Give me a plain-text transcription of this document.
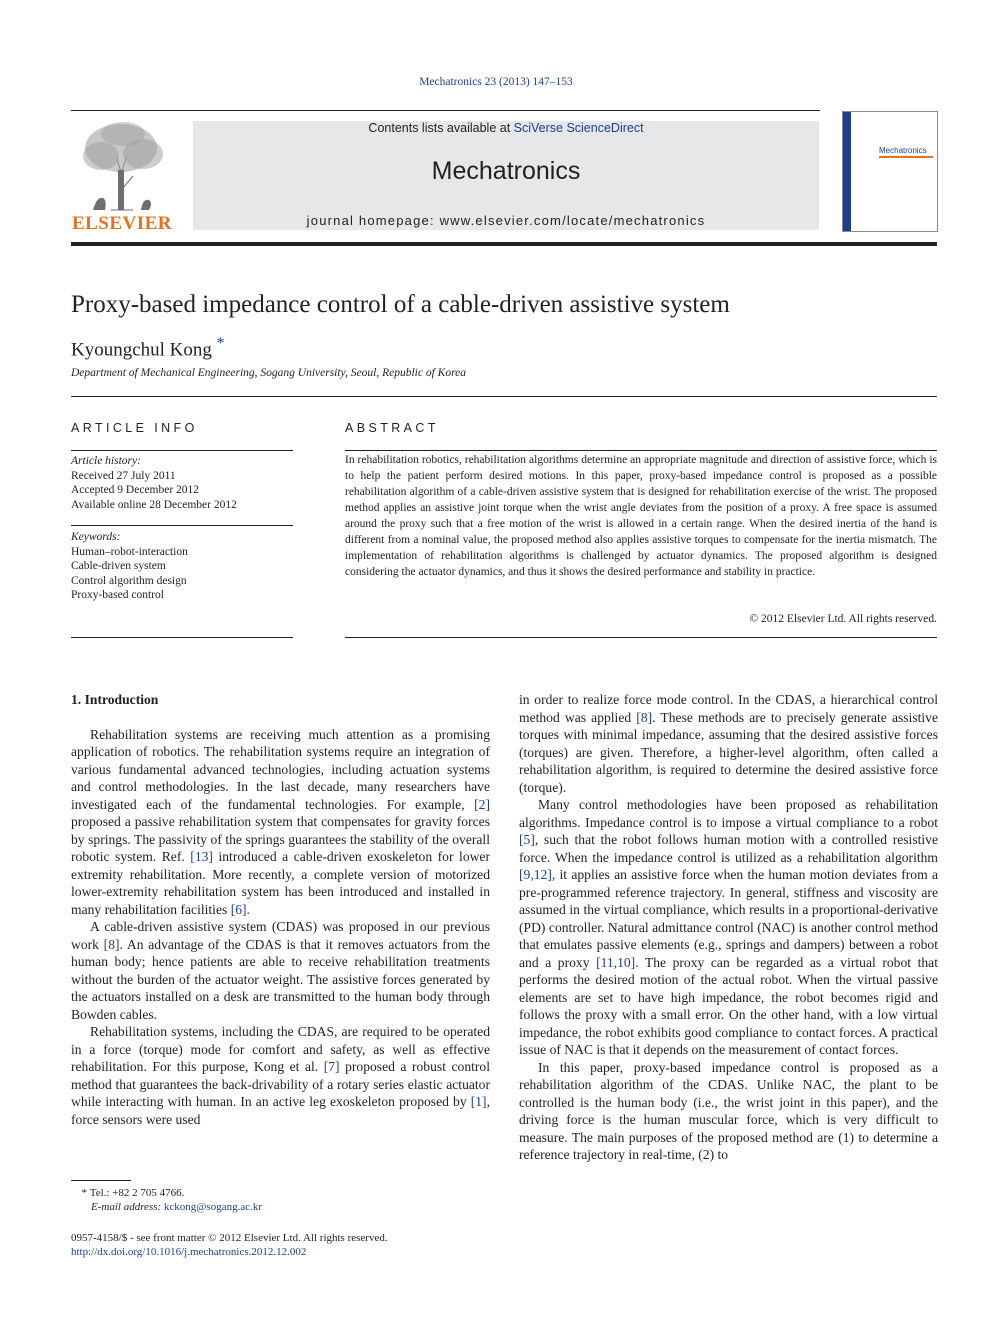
Mechatronics 23 (2013) 147–153
ELSEVIER
Contents lists available at SciVerse ScienceDirect
Mechatronics
journal homepage: www.elsevier.com/locate/mechatronics
Mechatronics
Proxy-based impedance control of a cable-driven assistive system
Kyoungchul Kong *
Department of Mechanical Engineering, Sogang University, Seoul, Republic of Korea
ARTICLE INFO	ABSTRACT
Article history:
Received 27 July 2011
Accepted 9 December 2012
Available online 28 December 2012
Keywords:
Human–robot-interaction
Cable-driven system
Control algorithm design
Proxy-based control
In rehabilitation robotics, rehabilitation algorithms determine an appropriate magnitude and direction of assistive force, which is to help the patient perform desired motions. In this paper, proxy-based impedance control is proposed as a possible rehabilitation algorithm of a cable-driven assistive system that is designed for rehabilitation exercise of the wrist. The proposed method applies an assistive joint torque when the wrist angle deviates from the position of a proxy. A free space is assumed around the proxy such that a free motion of the wrist is allowed in a certain range. When the desired inertia of the hand is different from a nominal value, the proposed method also applies assistive torques to compensate for the inertia mismatch. The implementation of rehabilitation algorithms is challenged by actuator dynamics. The proposed algorithm is designed considering the actuator dynamics, and thus it shows the desired performance and stability in practice.
© 2012 Elsevier Ltd. All rights reserved.

1. Introduction

Rehabilitation systems are receiving much attention as a promising application of robotics. The rehabilitation systems require an integration of various fundamental advanced technologies, including actuation systems and control methodologies. In the last decade, many researchers have investigated each of the fundamental technologies. For example, [2] proposed a passive rehabilitation system that compensates for gravity forces by springs. The passivity of the springs guarantees the stability of the overall robotic system. Ref. [13] introduced a cable-driven exoskeleton for lower extremity rehabilitation. More recently, a complete version of motorized lower-extremity rehabilitation system has been introduced and installed in many rehabilitation facilities [6].

A cable-driven assistive system (CDAS) was proposed in our previous work [8]. An advantage of the CDAS is that it removes actuators from the human body; hence patients are able to receive rehabilitation treatments without the burden of the actuator weight. The assistive forces generated by the actuators installed on a desk are transmitted to the human body through Bowden cables.

Rehabilitation systems, including the CDAS, are required to be operated in a force (torque) mode for comfort and safety, as well as effective rehabilitation. For this purpose, Kong et al. [7] proposed a robust control method that guarantees the back-drivability of a rotary series elastic actuator while interacting with human. In an active leg exoskeleton proposed by [1], force sensors were used

in order to realize force mode control. In the CDAS, a hierarchical control method was applied [8]. These methods are to precisely generate assistive torques with minimal impedance, assuming that the desired assistive forces (torques) are given. Therefore, a higher-level algorithm, often called a rehabilitation algorithm, is required to determine the desired assistive force (torque).

Many control methodologies have been proposed as rehabilitation algorithms. Impedance control is to impose a virtual compliance to a robot [5], such that the robot follows human motion with a controlled resistive force. When the impedance control is utilized as a rehabilitation algorithm [9,12], it applies an assistive force when the human motion deviates from a pre-programmed reference trajectory. In general, stiffness and viscosity are assumed in the virtual compliance, which results in a proportional-derivative (PD) controller. Natural admittance control (NAC) is another control method that emulates passive elements (e.g., springs and dampers) between a robot and a proxy [11,10]. The proxy can be regarded as a virtual robot that performs the desired motion of the actual robot. When the virtual passive elements are set to have high impedance, the robot becomes rigid and follows the proxy with a small error. On the other hand, with a low virtual impedance, the robot exhibits good compliance to contact forces. A practical issue of NAC is that it depends on the measurement of contact forces.

In this paper, proxy-based impedance control is proposed as a rehabilitation algorithm of the CDAS. Unlike NAC, the plant to be controlled is the human body (i.e., the wrist joint in this paper), and the driving force is the human muscular force, which is very difficult to measure. The main purposes of the proposed method are (1) to determine a reference trajectory in real-time, (2) to

* Tel.: +82 2 705 4766.
E-mail address: kckong@sogang.ac.kr
0957-4158/$ - see front matter © 2012 Elsevier Ltd. All rights reserved.
http://dx.doi.org/10.1016/j.mechatronics.2012.12.002
